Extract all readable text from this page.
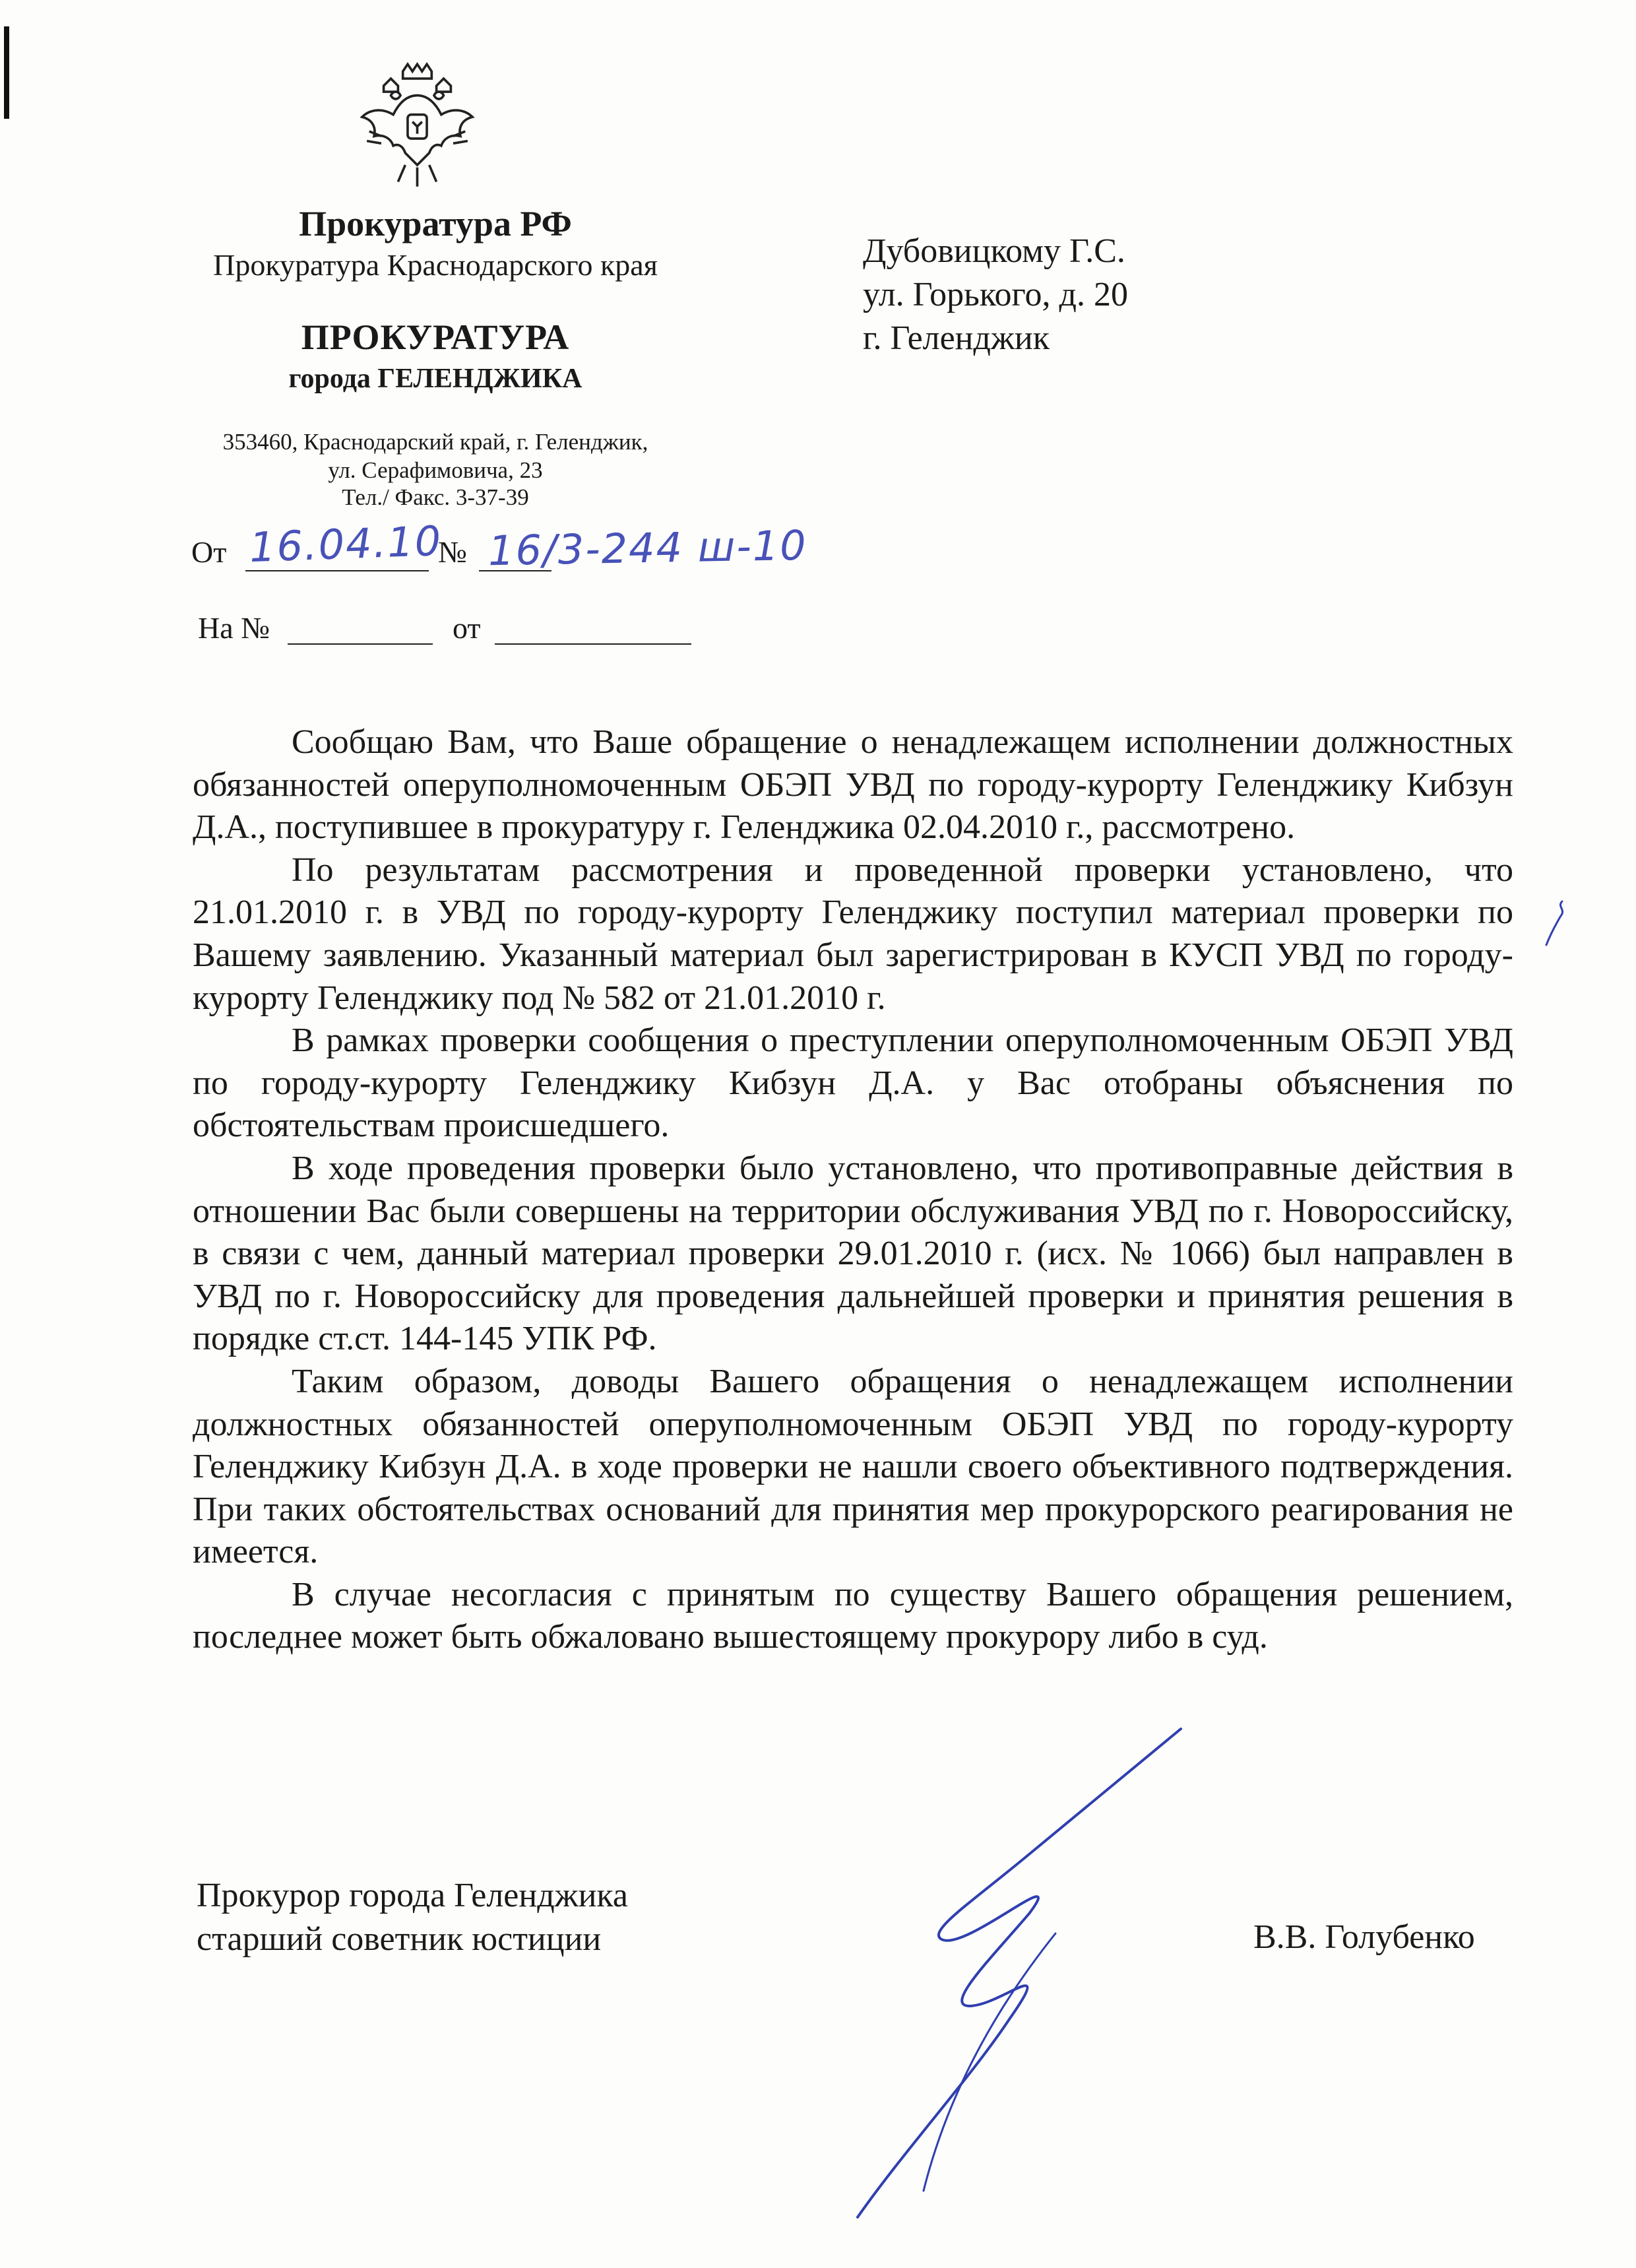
Прокуратура РФ
Прокуратура Краснодарского края
ПРОКУРАТУРА
города ГЕЛЕНДЖИКА
353460, Краснодарский край, г. Геленджик,
ул. Серафимовича, 23
Тел./ Факс. 3-37-39
Дубовицкому Г.С.
ул. Горького, д. 20
г. Геленджик
От 16.04.10
№ 16/3-244 ш-10
На №	от

Сообщаю Вам, что Ваше обращение о ненадлежащем исполнении должностных обязанностей оперуполномоченным ОБЭП УВД по городу-курорту Геленджику Кибзун Д.А., поступившее в прокуратуру г. Геленджика 02.04.2010 г., рассмотрено.

По результатам рассмотрения и проведенной проверки установлено, что 21.01.2010 г. в УВД по городу-курорту Геленджику поступил материал проверки по Вашему заявлению. Указанный материал был зарегистрирован в КУСП УВД по городу-курорту Геленджику под № 582 от 21.01.2010 г.

В рамках проверки сообщения о преступлении оперуполномоченным ОБЭП УВД по городу-курорту Геленджику Кибзун Д.А. у Вас отобраны объяснения по обстоятельствам происшедшего.

В ходе проведения проверки было установлено, что противоправные действия в отношении Вас были совершены на территории обслуживания УВД по г. Новороссийску, в связи с чем, данный материал проверки 29.01.2010 г. (исх. № 1066) был направлен в УВД по г. Новороссийску для проведения дальнейшей проверки и принятия решения в порядке ст.ст. 144-145 УПК РФ.

Таким образом, доводы Вашего обращения о ненадлежащем исполнении должностных обязанностей оперуполномоченным ОБЭП УВД по городу-курорту Геленджику Кибзун Д.А. в ходе проверки не нашли своего объективного подтверждения. При таких обстоятельствах оснований для принятия мер прокурорского реагирования не имеется.

В случае несогласия с принятым по существу Вашего обращения решением, последнее может быть обжаловано вышестоящему прокурору либо в суд.

Прокурор города Геленджика
старший советник юстиции	В.В. Голубенко
